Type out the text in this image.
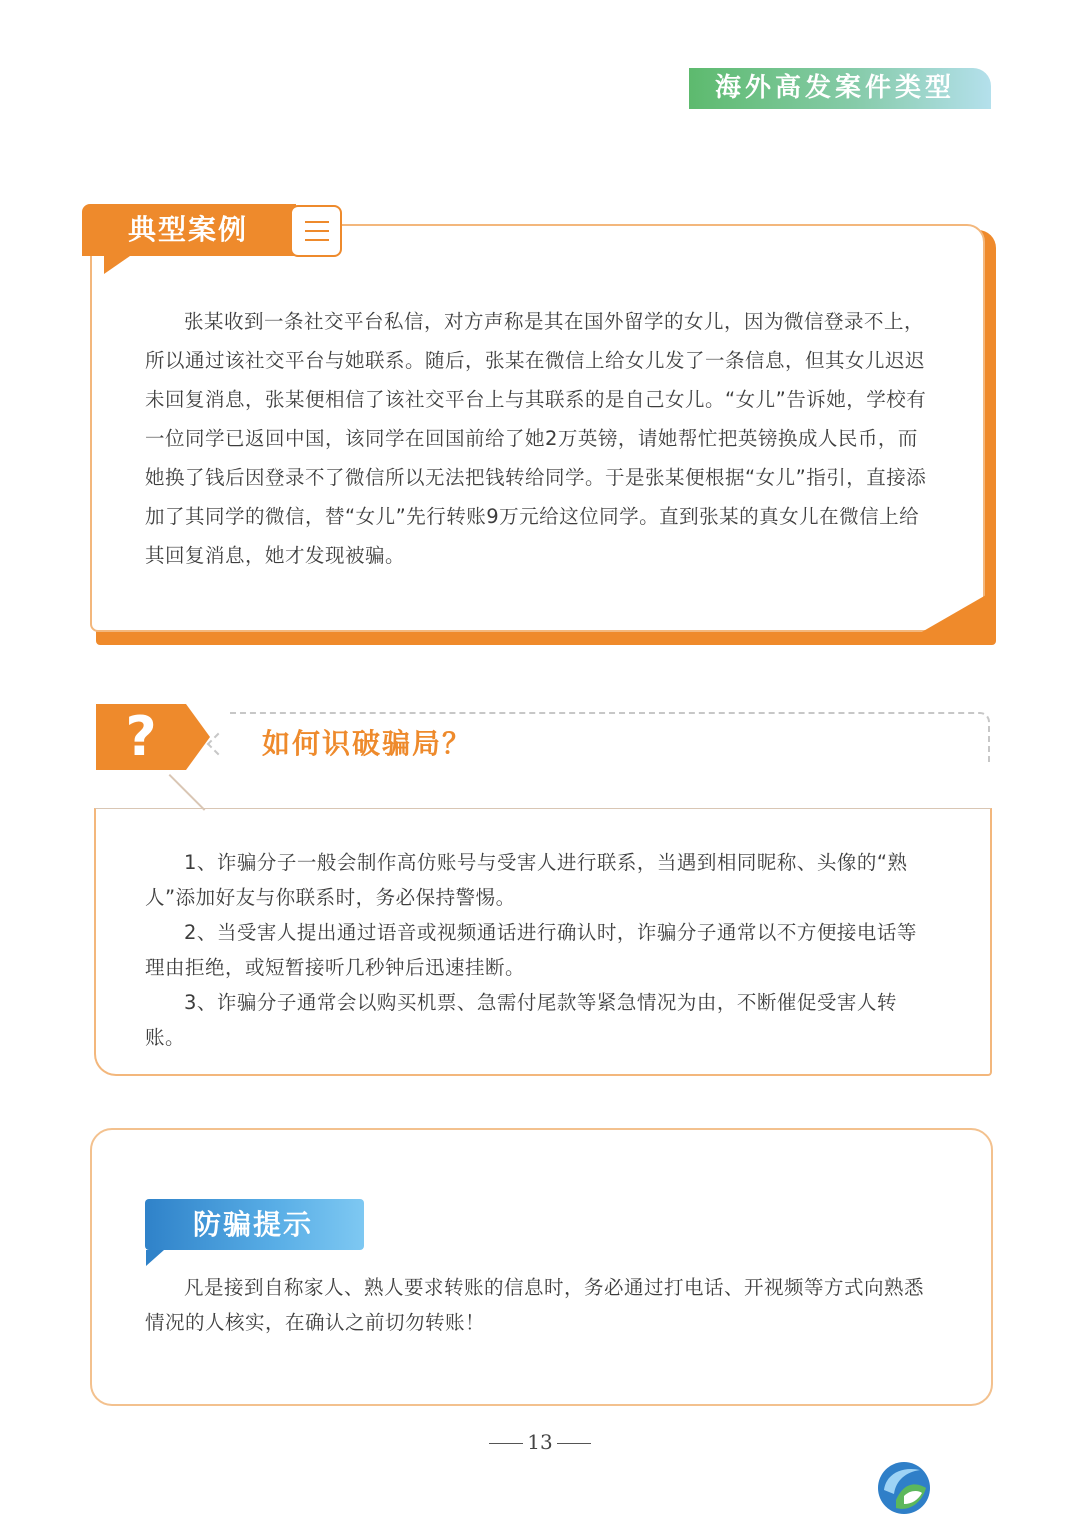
海外高发案件类型
典型案例
张某收到一条社交平台私信，对方声称是其在国外留学的女儿，因为微信登录不上，所以通过该社交平台与她联系。随后，张某在微信上给女儿发了一条信息，但其女儿迟迟未回复消息，张某便相信了该社交平台上与其联系的是自己女儿。“女儿”告诉她，学校有一位同学已返回中国，该同学在回国前给了她2万英镑，请她帮忙把英镑换成人民币，而她换了钱后因登录不了微信所以无法把钱转给同学。于是张某便根据“女儿”指引，直接添加了其同学的微信，替“女儿”先行转账9万元给这位同学。直到张某的真女儿在微信上给其回复消息，她才发现被骗。
?	如何识破骗局？
1、诈骗分子一般会制作高仿账号与受害人进行联系，当遇到相同昵称、头像的“熟人”添加好友与你联系时，务必保持警惕。
2、当受害人提出通过语音或视频通话进行确认时，诈骗分子通常以不方便接电话等理由拒绝，或短暂接听几秒钟后迅速挂断。
3、诈骗分子通常会以购买机票、急需付尾款等紧急情况为由，不断催促受害人转账。
防骗提示
凡是接到自称家人、熟人要求转账的信息时，务必通过打电话、开视频等方式向熟悉情况的人核实，在确认之前切勿转账！
13
